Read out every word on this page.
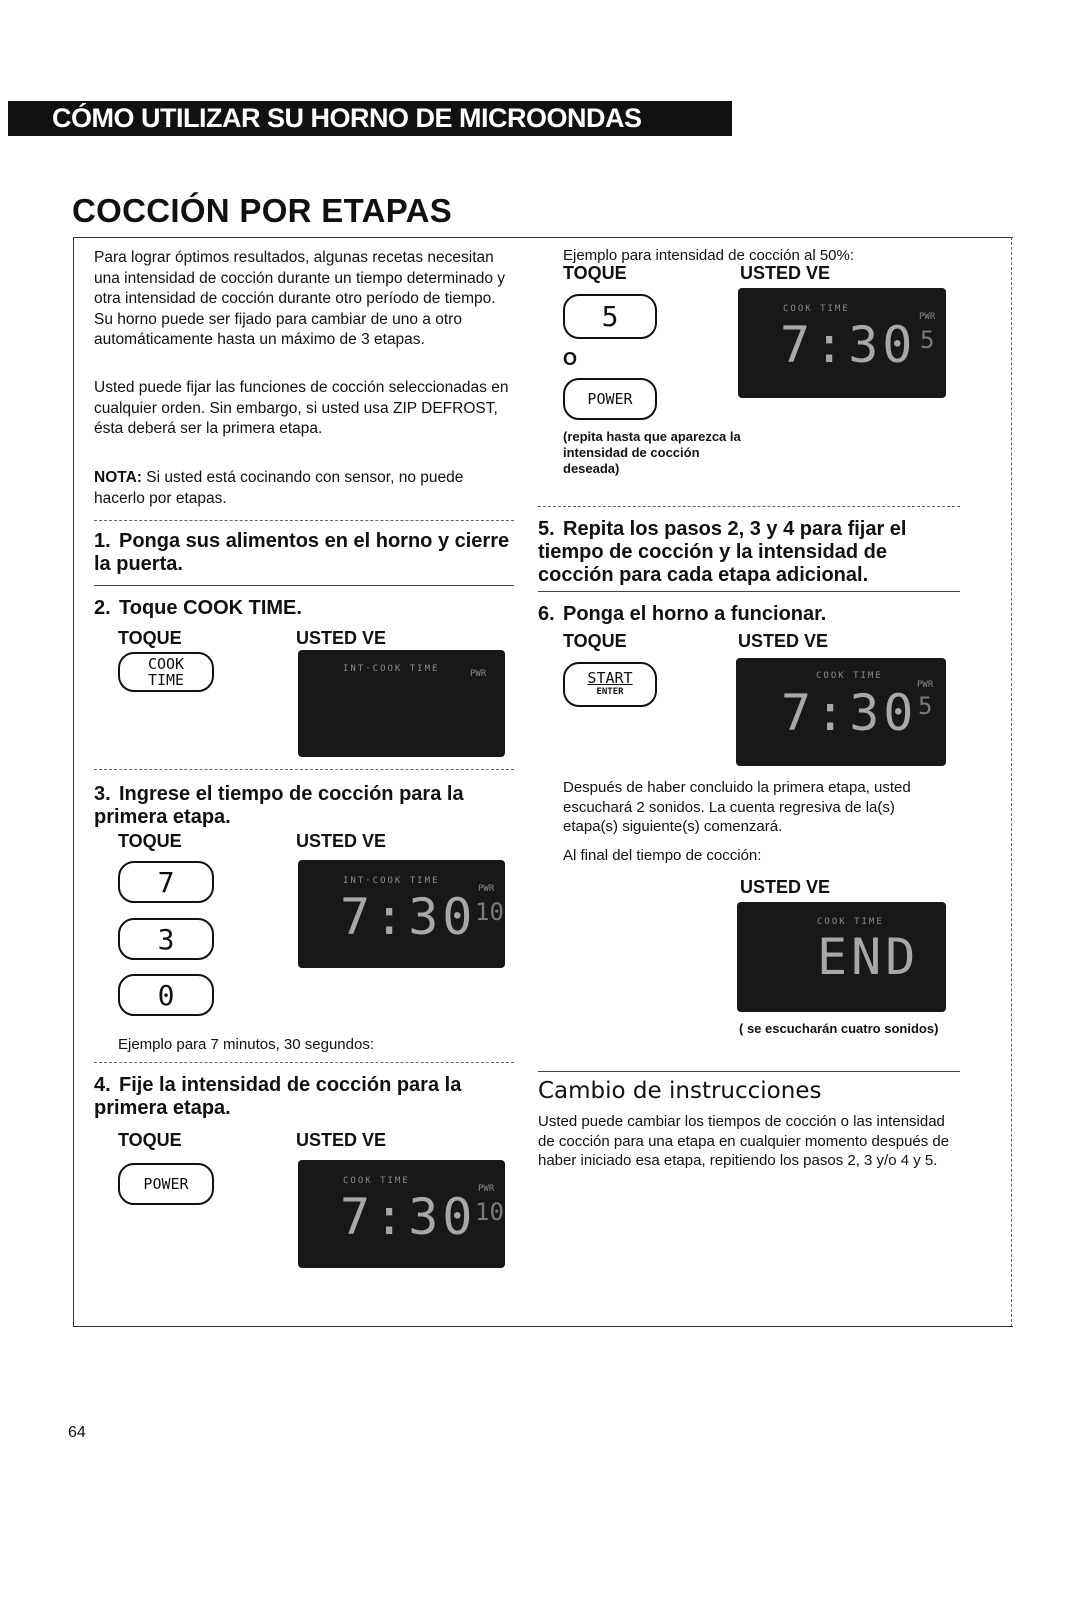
CÓMO UTILIZAR SU HORNO DE MICROONDAS
COCCIÓN POR ETAPAS
Para lograr óptimos resultados, algunas recetas necesitan una intensidad de cocción durante un tiempo determinado y otra intensidad de cocción durante otro período de tiempo. Su horno puede ser fijado para cambiar de uno a otro automáticamente hasta un máximo de 3 etapas.
Usted puede fijar las funciones de cocción seleccionadas en cualquier orden. Sin embargo, si usted usa ZIP DEFROST, ésta deberá ser la primera etapa.
NOTA: Si usted está cocinando con sensor, no puede hacerlo por etapas.
1. Ponga sus alimentos en el horno y cierre la puerta.
2. Toque COOK TIME.
TOQUE	USTED VE
COOK
TIME
INT·COOK TIME	PWR
3. Ingrese el tiempo de cocción para la primera etapa.
TOQUE	USTED VE
7
3
0
INT·COOK TIME
7:30 PWR
10
Ejemplo para 7 minutos, 30 segundos:
4. Fije la intensidad de cocción para la primera etapa.
TOQUE	USTED VE
POWER	COOK TIME
7:30 PWR
10
Ejemplo para intensidad de cocción al 50%:
TOQUE	USTED VE
5
O
POWER
(repita hasta que aparezca la intensidad de cocción deseada)
COOK TIME
7:30 PWR
5
5. Repita los pasos 2, 3 y 4 para fijar el tiempo de cocción y la intensidad de cocción para cada etapa adicional.
6. Ponga el horno a funcionar.
TOQUE	USTED VE
START
ENTER
COOK TIME
7:30 PWR
5
Después de haber concluido la primera etapa, usted escuchará 2 sonidos. La cuenta regresiva de la(s) etapa(s) siguiente(s) comenzará.
Al final del tiempo de cocción:
USTED VE
COOK TIME
END
( se escucharán cuatro sonidos)
Cambio de instrucciones
Usted puede cambiar los tiempos de cocción o las intensidad de cocción para una etapa en cualquier momento después de haber iniciado esa etapa, repitiendo los pasos 2, 3 y/o 4 y 5.
64
